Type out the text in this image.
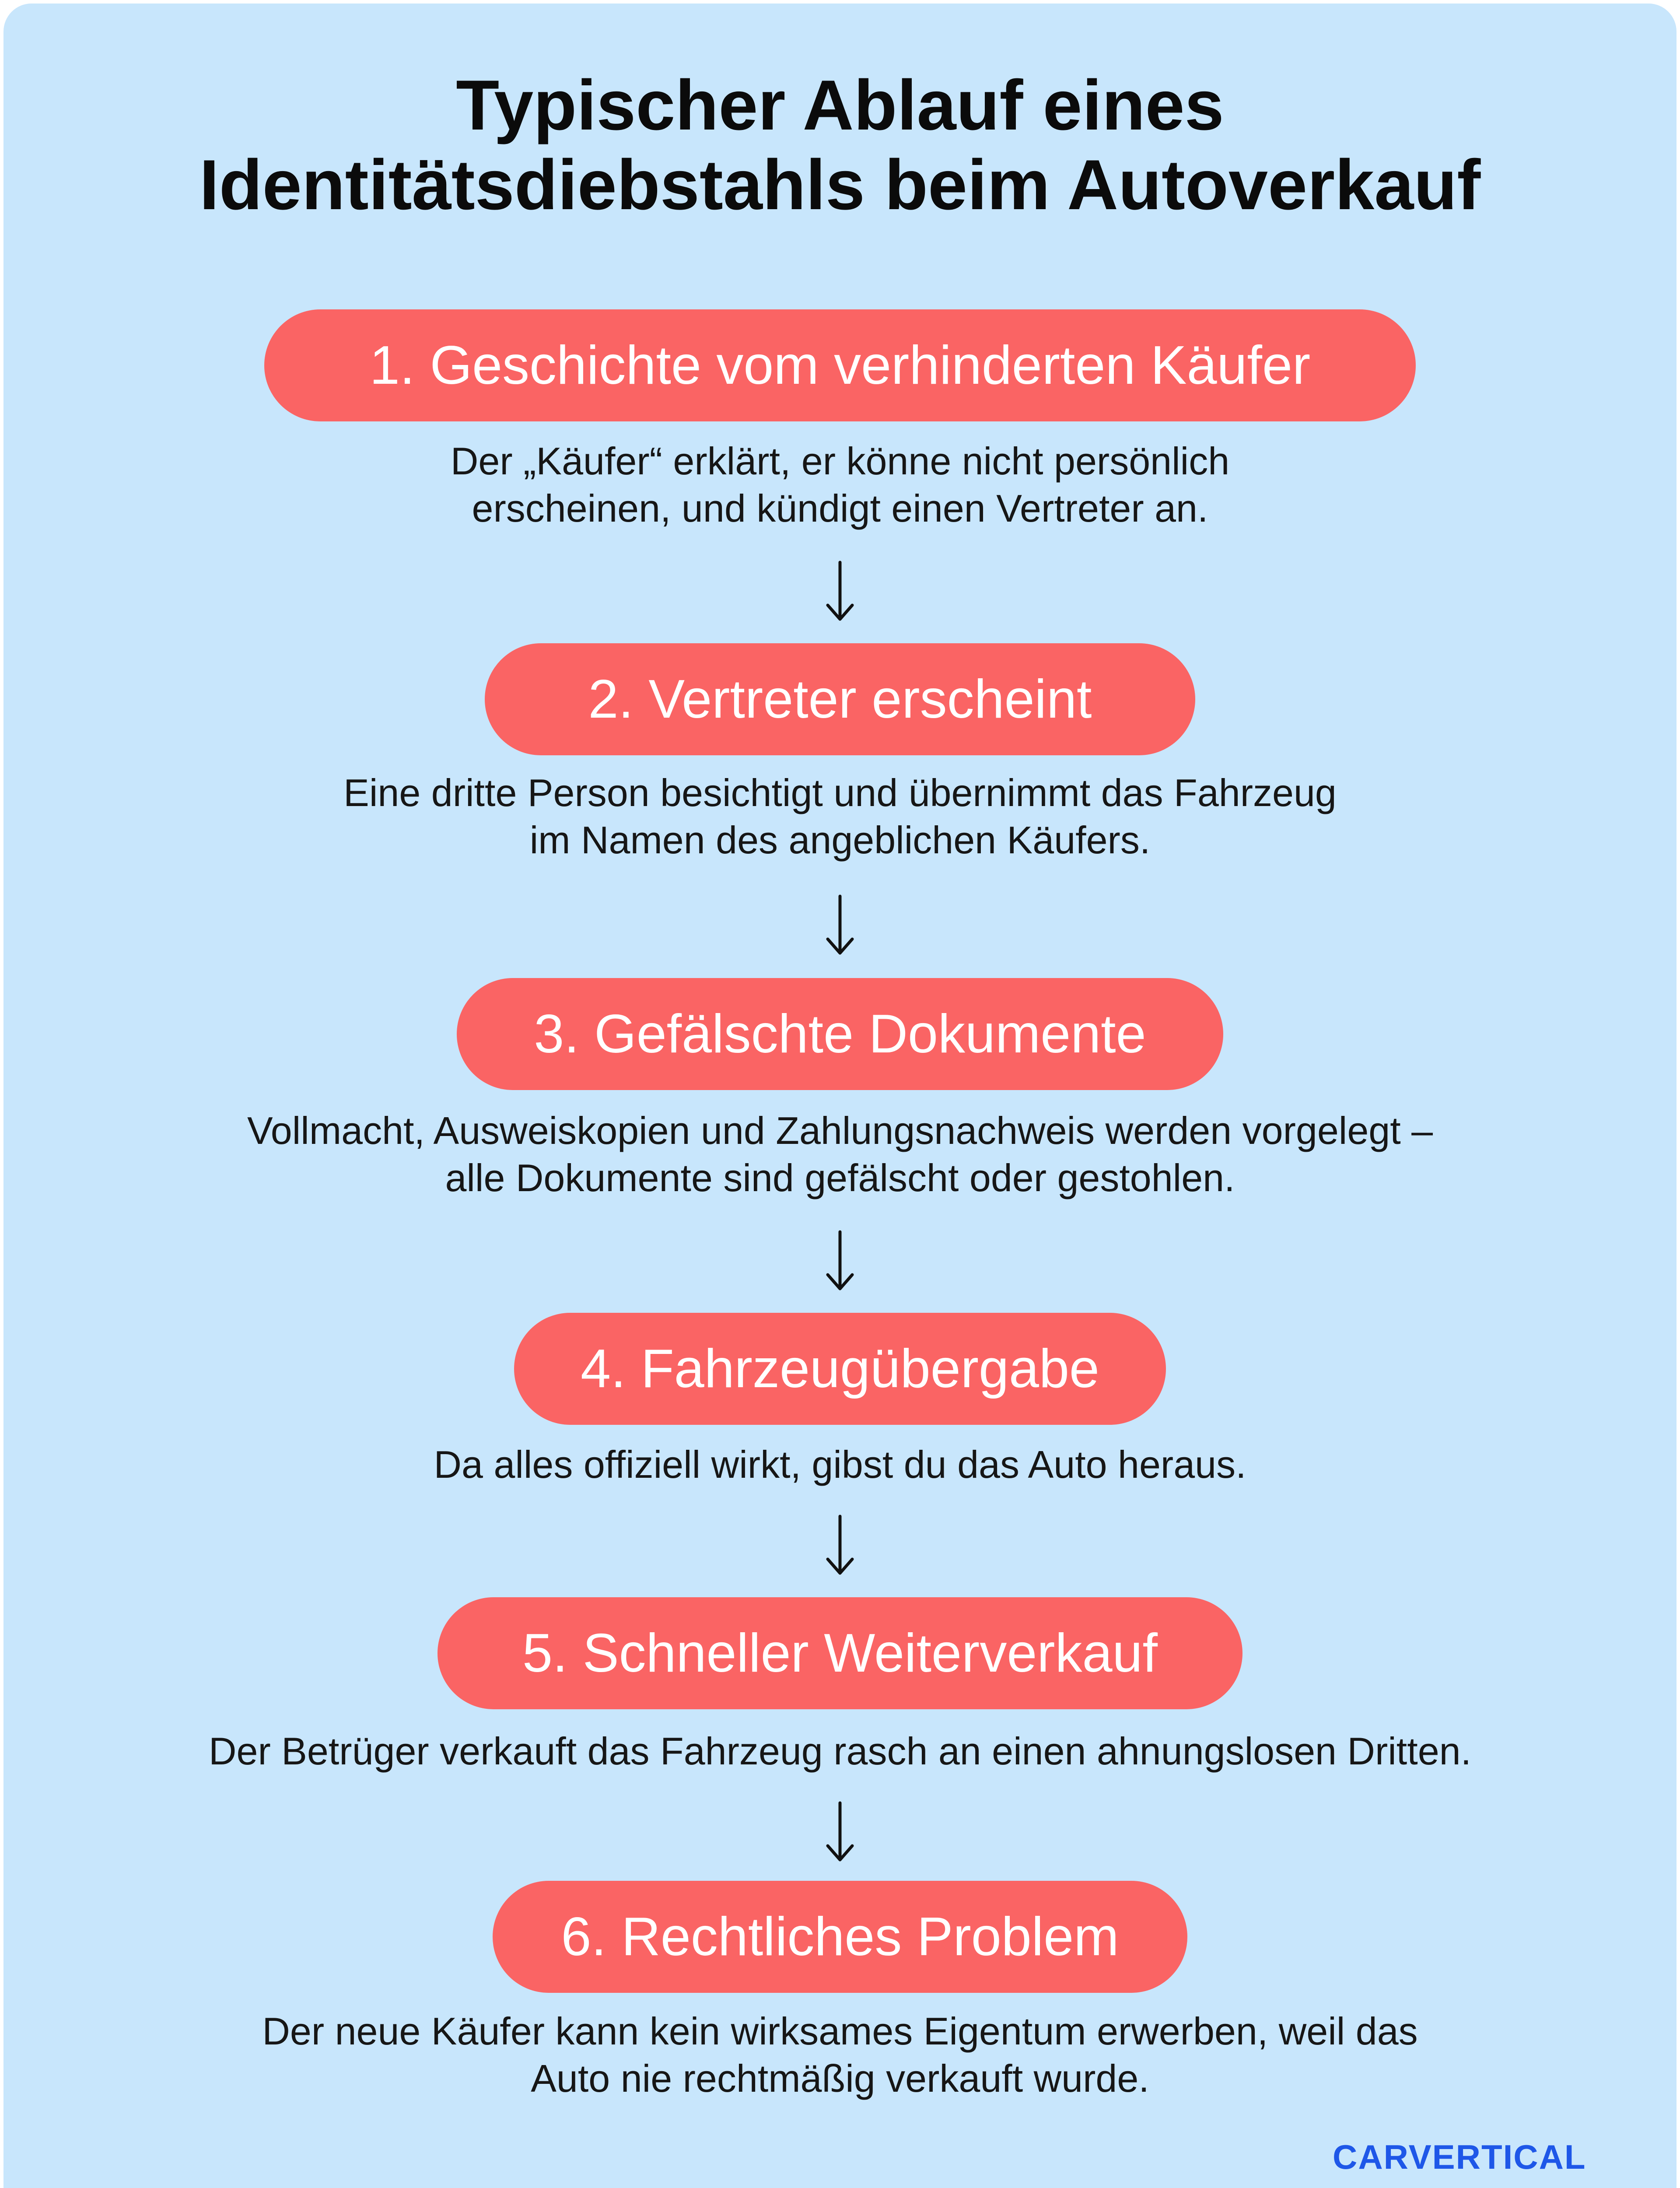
Typischer Ablauf eines
Identitätsdiebstahls beim Autoverkauf
1. Geschichte vom verhinderten Käufer
Der „Käufer“ erklärt, er könne nicht persönlich
erscheinen, und kündigt einen Vertreter an.
2. Vertreter erscheint
Eine dritte Person besichtigt und übernimmt das Fahrzeug
im Namen des angeblichen Käufers.
3. Gefälschte Dokumente
Vollmacht, Ausweiskopien und Zahlungsnachweis werden vorgelegt –
alle Dokumente sind gefälscht oder gestohlen.
4. Fahrzeugübergabe
Da alles offiziell wirkt, gibst du das Auto heraus.
5. Schneller Weiterverkauf
Der Betrüger verkauft das Fahrzeug rasch an einen ahnungslosen Dritten.
6. Rechtliches Problem
Der neue Käufer kann kein wirksames Eigentum erwerben, weil das
Auto nie rechtmäßig verkauft wurde.
CARVERTICAL
